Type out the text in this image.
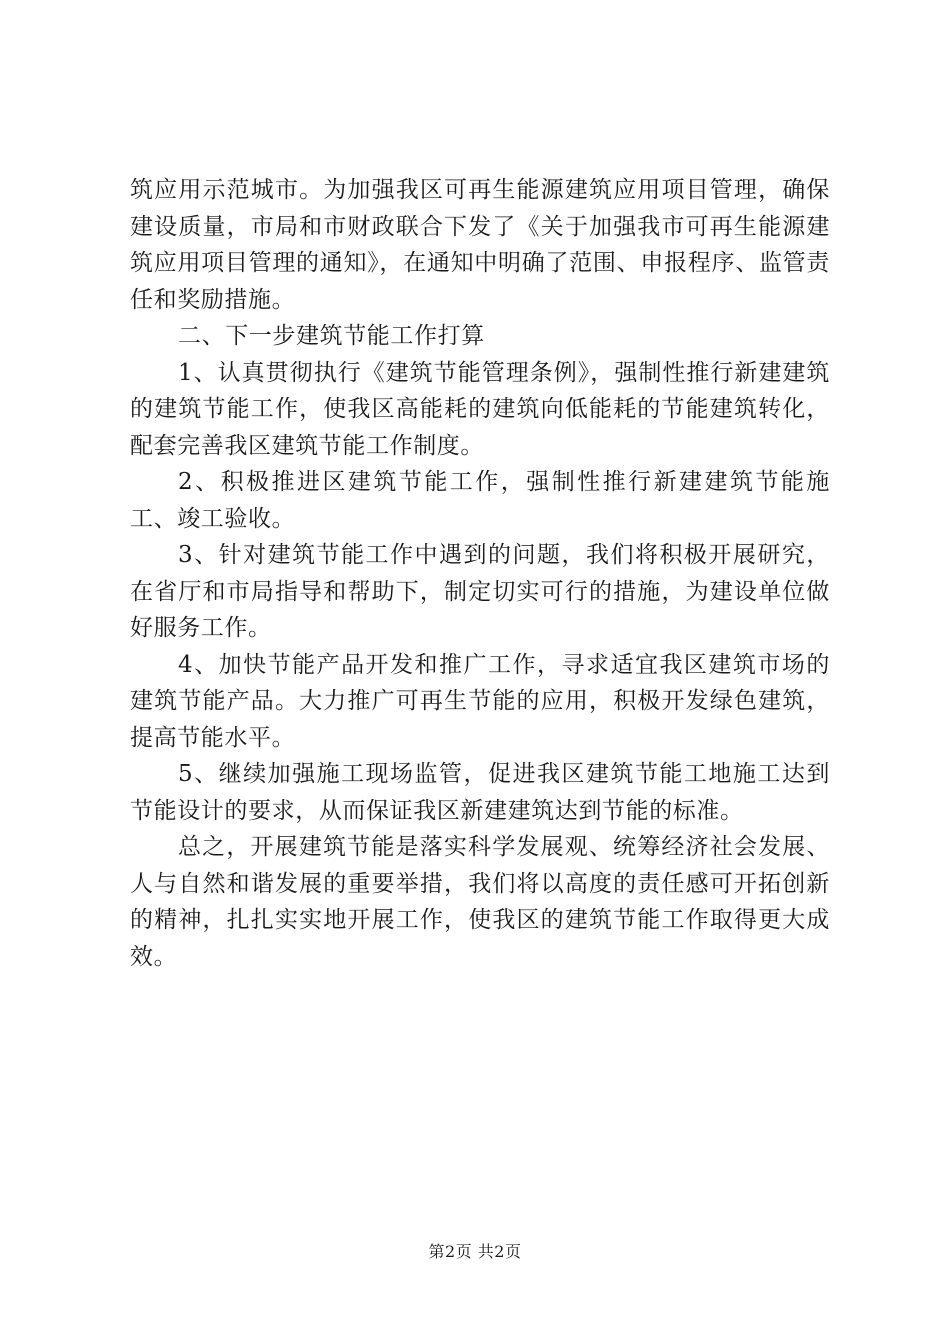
筑应用示范城市。为加强我区可再生能源建筑应用项目管理，确保建设质量，市局和市财政联合下发了《关于加强我市可再生能源建筑应用项目管理的通知》，在通知中明确了范围、申报程序、监管责任和奖励措施。

二、下一步建筑节能工作打算

1、认真贯彻执行《建筑节能管理条例》，强制性推行新建建筑的建筑节能工作，使我区高能耗的建筑向低能耗的节能建筑转化，配套完善我区建筑节能工作制度。

2、积极推进区建筑节能工作，强制性推行新建建筑节能施工、竣工验收。

3、针对建筑节能工作中遇到的问题，我们将积极开展研究，在省厅和市局指导和帮助下，制定切实可行的措施，为建设单位做好服务工作。

4、加快节能产品开发和推广工作，寻求适宜我区建筑市场的建筑节能产品。大力推广可再生节能的应用，积极开发绿色建筑，提高节能水平。

5、继续加强施工现场监管，促进我区建筑节能工地施工达到节能设计的要求，从而保证我区新建建筑达到节能的标准。

总之，开展建筑节能是落实科学发展观、统筹经济社会发展、人与自然和谐发展的重要举措，我们将以高度的责任感可开拓创新的精神，扎扎实实地开展工作，使我区的建筑节能工作取得更大成效。

第2页 共2页
